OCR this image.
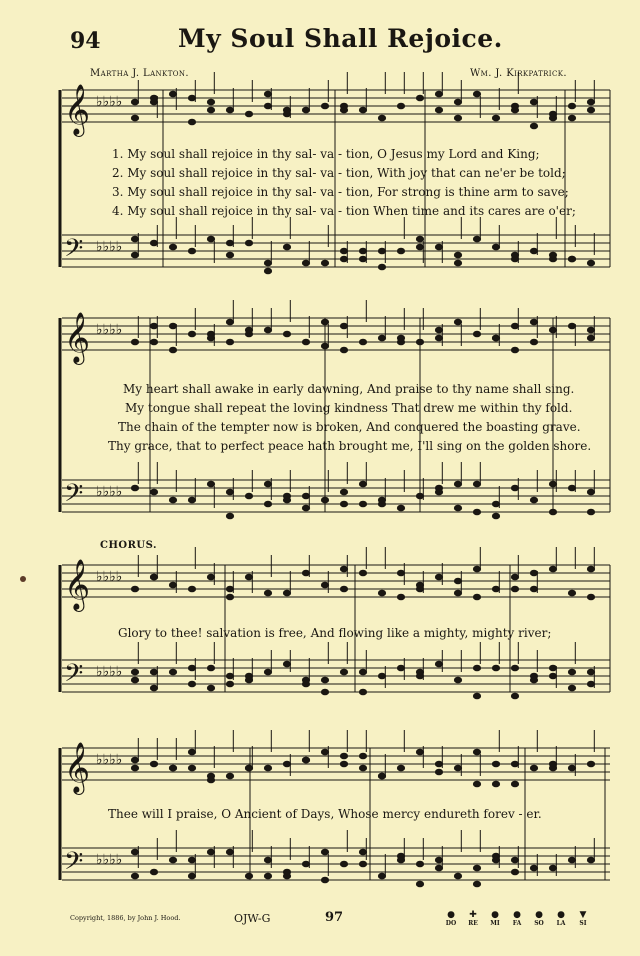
94	My Soul Shall Rejoice.
Martha J. Lankton.	Wm. J. Kirkpatrick.
𝄞 ♭♭♭♭
𝄢 ♭♭♭♭
𝄞 ♭♭♭♭
𝄢 ♭♭♭♭
𝄞 ♭♭♭♭
𝄢 ♭♭♭♭
𝄞 ♭♭♭♭
𝄢 ♭♭♭♭
1. My soul shall rejoice in thy sal- va - tion, O Jesus my Lord and King;
2. My soul shall rejoice in thy sal- va - tion, With joy that can ne'er be told;
3. My soul shall rejoice in thy sal- va - tion, For strong is thine arm to save;
4. My soul shall rejoice in thy sal- va - tion When time and its cares are o'er;
My heart shall awake in early dawning, And praise to thy name shall sing.
My tongue shall repeat the loving kindness That drew me within thy fold.
The chain of the tempter now is broken, And conquered the boasting grave.
Thy grace, that to perfect peace hath brought me, I'll sing on the golden shore.
CHORUS.
Glory to thee! salvation is free, And flowing like a mighty, mighty river;
Thee will I praise, O Ancient of Days, Whose mercy endureth forev - er.
Copyright, 1886, by John J. Hood.	OJW-G	97	DO	RE	MI	FA	SO	LA	SI
●	✚	●	●	●	●	▼
